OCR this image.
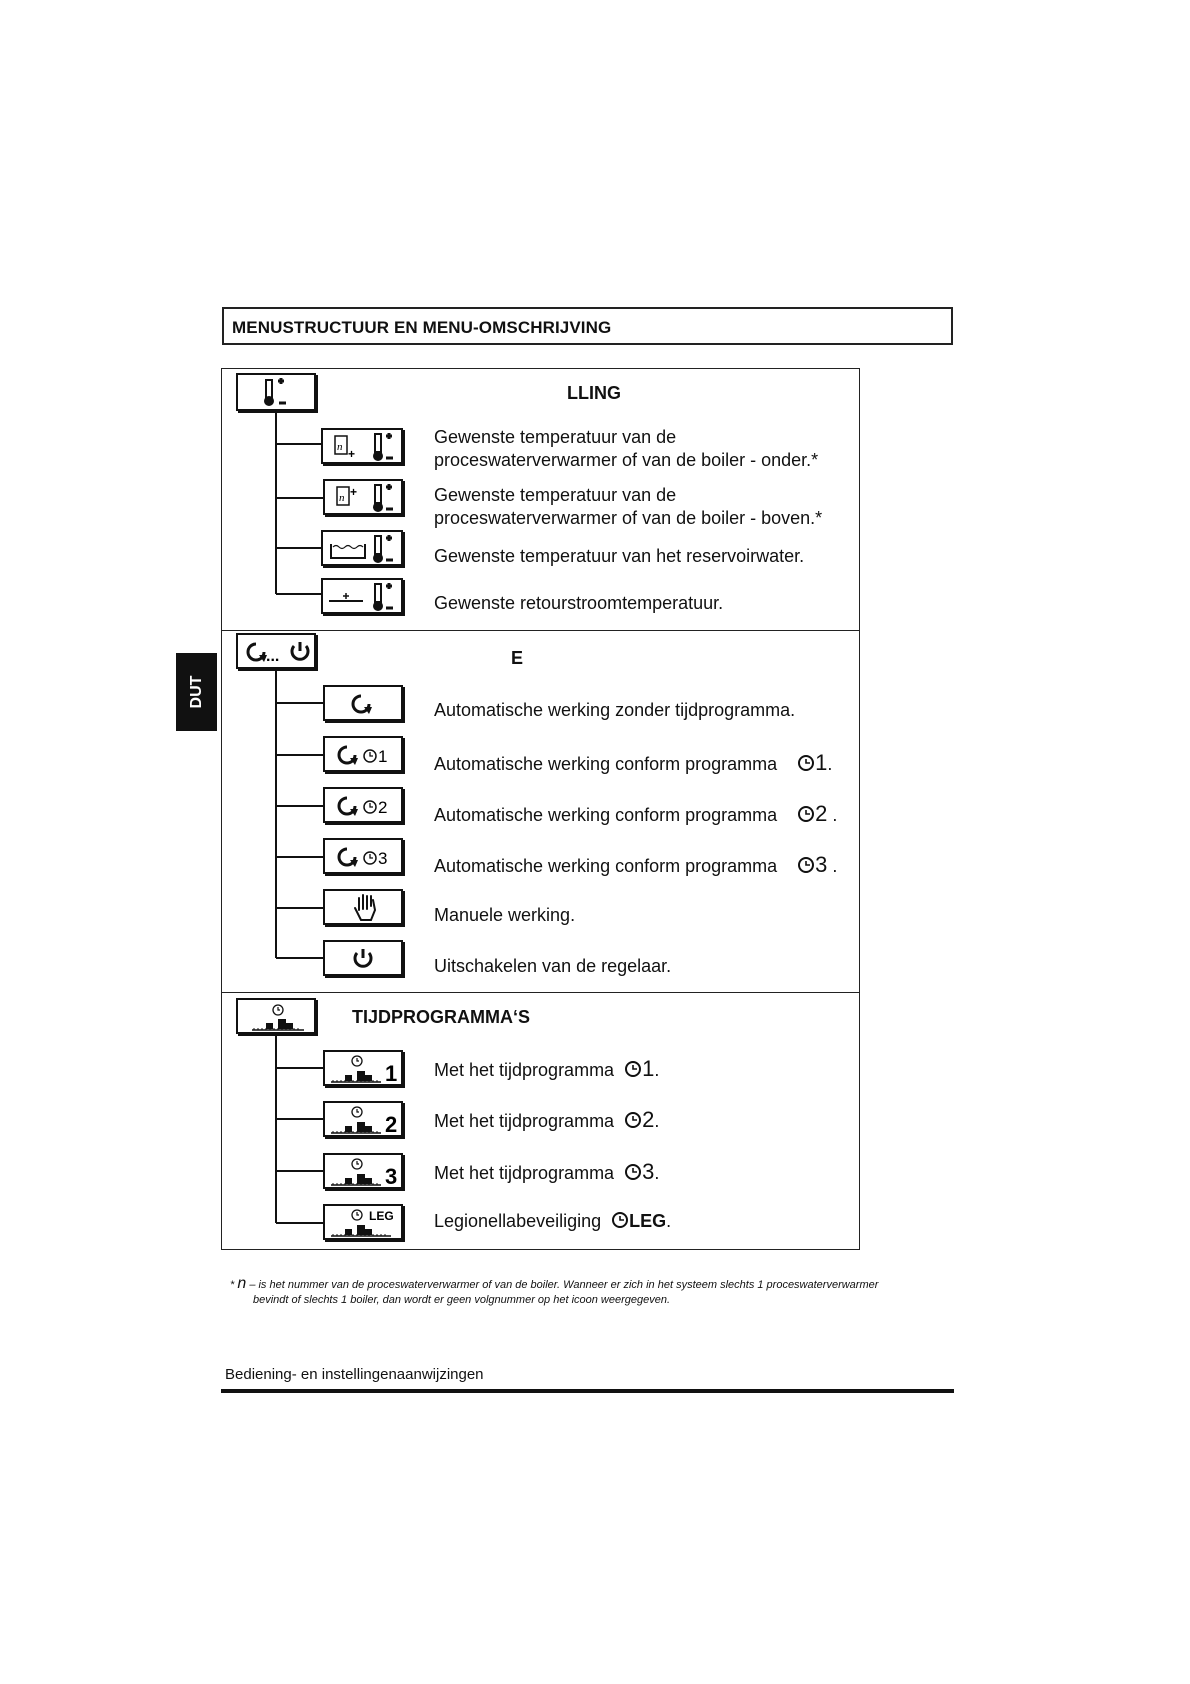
MENUSTRUCTUUR EN MENU-OMSCHRIJVING
DUT
LLING
n +
Gewenste temperatuur van de proceswaterverwarmer of van de boiler - onder.*
n +	Gewenste temperatuur van de proceswaterverwarmer of van de boiler - boven.*
Gewenste temperatuur van het reservoirwater.
Gewenste retourstroomtemperatuur.
...	E
Automatische werking zonder tijdprogramma.
1	Automatische werking conform programma 1.
2	Automatische werking conform programma 2 .
3	Automatische werking conform programma 3 .
Manuele werking.
Uitschakelen van de regelaar.
TIJDPROGRAMMA‘S
1 Met het tijdprogramma 1.
2 Met het tijdprogramma 2.
3 Met het tijdprogramma 3.
LEG Legionellabeveiliging LEG.
* n – is het nummer van de proceswaterverwarmer of van de boiler. Wanneer er zich in het systeem slechts 1 proceswaterverwarmer
bevindt of slechts 1 boiler, dan wordt er geen volgnummer op het icoon weergegeven.
Bediening- en instellingenaanwijzingen
